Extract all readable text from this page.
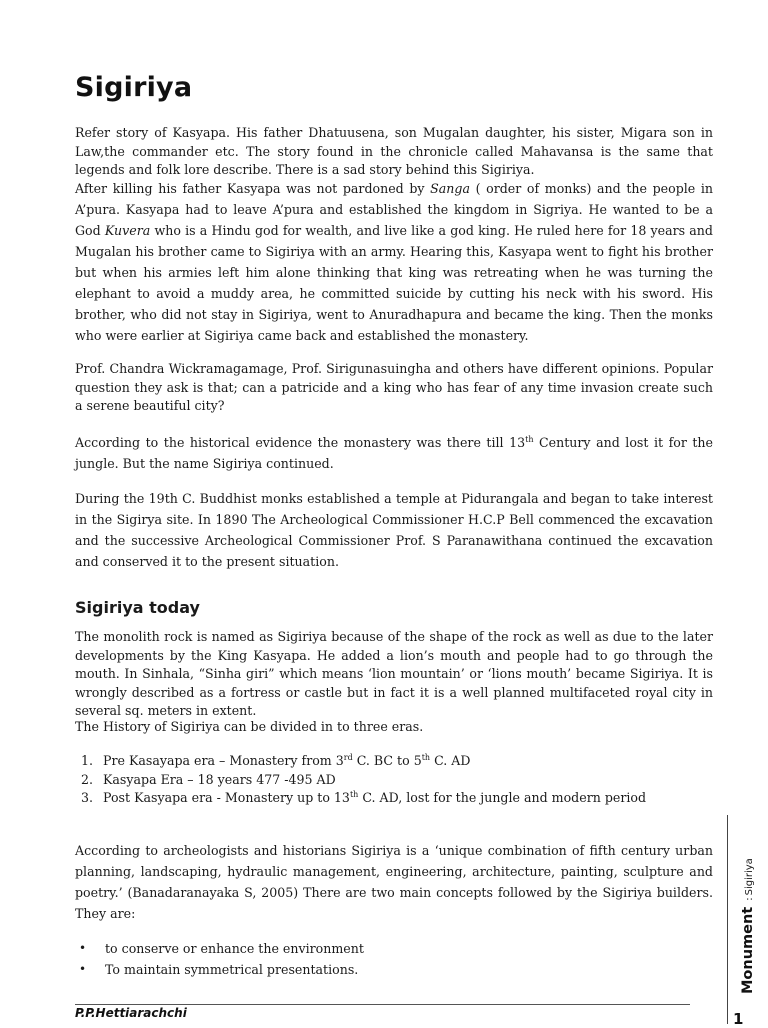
Sigiriya

Refer story of Kasyapa. His father Dhatuusena, son Mugalan daughter, his sister, Migara son in Law,the commander etc. The story found in the chronicle called Mahavansa is the same that legends and folk lore describe. There is a sad story behind this Sigiriya.

After killing his father Kasyapa was not pardoned by Sanga ( order of monks) and the people in A’pura. Kasyapa had to leave A’pura and established the kingdom in Sigriya. He wanted to be a God Kuvera who is a Hindu god for wealth, and live like a god king. He ruled here for 18 years and Mugalan his brother came to Sigiriya with an army. Hearing this, Kasyapa went to fight his brother but when his armies left him alone thinking that king was retreating when he was turning the elephant to avoid a muddy area, he committed suicide by cutting his neck with his sword. His brother, who did not stay in Sigiriya, went to Anuradhapura and became the king. Then the monks who were earlier at Sigiriya came back and established the monastery.

Prof. Chandra Wickramagamage, Prof. Sirigunasuingha and others have different opinions. Popular question they ask is that; can a patricide and a king who has fear of any time invasion create such a serene beautiful city?

According to the historical evidence the monastery was there till 13th Century and lost it for the jungle. But the name Sigiriya continued.

During the 19th C. Buddhist monks established a temple at Pidurangala and began to take interest in the Sigirya site. In 1890 The Archeological Commissioner H.C.P Bell commenced the excavation and the successive Archeological Commissioner Prof. S Paranawithana continued the excavation and conserved it to the present situation.

Sigiriya today

The monolith rock is named as Sigiriya because of the shape of the rock as well as due to the later developments by the King Kasyapa. He added a lion’s mouth and people had to go through the mouth. In Sinhala, “Sinha giri” which means ‘lion mountain’ or ‘lions mouth’ became Sigiriya. It is wrongly described as a fortress or castle but in fact it is a well planned multifaceted royal city in several sq. meters in extent.

The History of Sigiriya can be divided in to three eras.

1. Pre Kasayapa era – Monastery from 3rd C. BC to 5th C. AD
2. Kasyapa Era – 18 years 477 -495 AD
3. Post Kasyapa era - Monastery up to 13th C. AD, lost for the jungle and modern period

According to archeologists and historians Sigiriya is a ‘unique combination of fifth century urban planning, landscaping, hydraulic management, engineering, architecture, painting, sculpture and poetry.’ (Banadaranayaka S, 2005) There are two main concepts followed by the Sigiriya builders. They are:

• to conserve or enhance the environment
• To maintain symmetrical presentations.
P.P.Hettiarachchi
Monument:Sigiriya
1
